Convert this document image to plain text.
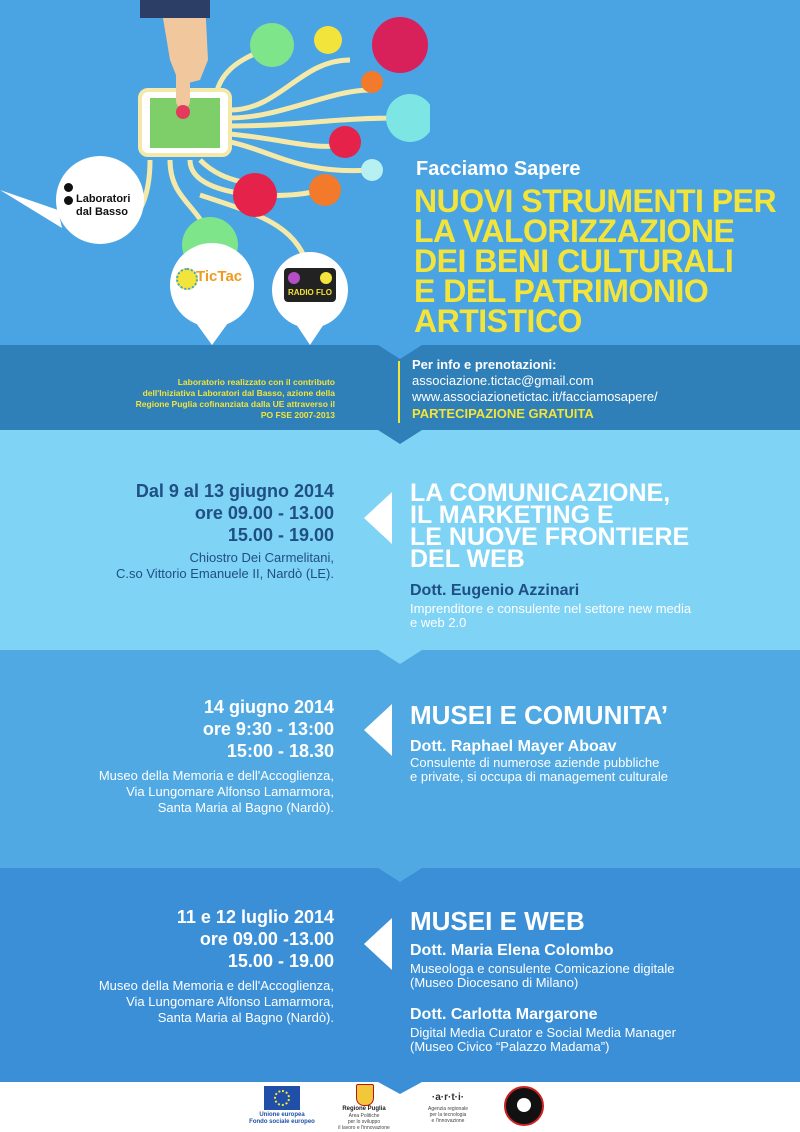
Laboratori
dal Basso

TicTac
RADIO FLO
Facciamo Sapere
NUOVI STRUMENTI PER
LA VALORIZZAZIONE
DEI BENI CULTURALI
E DEL PATRIMONIO
ARTISTICO
Laboratorio realizzato con il contributo dell'Iniziativa Laboratori dal Basso, azione della Regione Puglia cofinanziata dalla UE attraverso il PO FSE 2007-2013
Per info e prenotazioni:
associazione.tictac@gmail.com
www.associazionetictac.it/facciamosapere/
PARTECIPAZIONE GRATUITA
Dal 9 al 13 giugno 2014
ore 09.00 - 13.00
15.00 - 19.00
Chiostro Dei Carmelitani,
C.so Vittorio Emanuele II, Nardò (LE).
LA COMUNICAZIONE,
IL MARKETING E
LE NUOVE FRONTIERE
DEL WEB
Dott. Eugenio Azzinari
Imprenditore e consulente nel settore new media
e web 2.0
14 giugno 2014
ore 9:30 - 13:00
15:00 - 18.30
Museo della Memoria e dell'Accoglienza,
Via Lungomare Alfonso Lamarmora,
Santa Maria al Bagno (Nardò).
MUSEI E COMUNITA’
Dott. Raphael Mayer Aboav
Consulente di numerose aziende pubbliche
e private, si occupa di management culturale
11 e 12 luglio 2014
ore 09.00 -13.00
15.00 - 19.00
Museo della Memoria e dell'Accoglienza,
Via Lungomare Alfonso Lamarmora,
Santa Maria al Bagno (Nardò).
MUSEI E WEB
Dott. Maria Elena Colombo
Museologa e consulente Comicazione digitale
(Museo Diocesano di Milano)
Dott. Carlotta Margarone
Digital Media Curator e Social Media Manager
(Museo Civico “Palazzo Madama”)
Unione europea
Fondo sociale europeo
Regione Puglia
Area Politiche
per lo sviluppo
il lavoro e l'innovazione
·a·r·t·i·
Agenzia regionale
per la tecnologia
e l'innovazione
